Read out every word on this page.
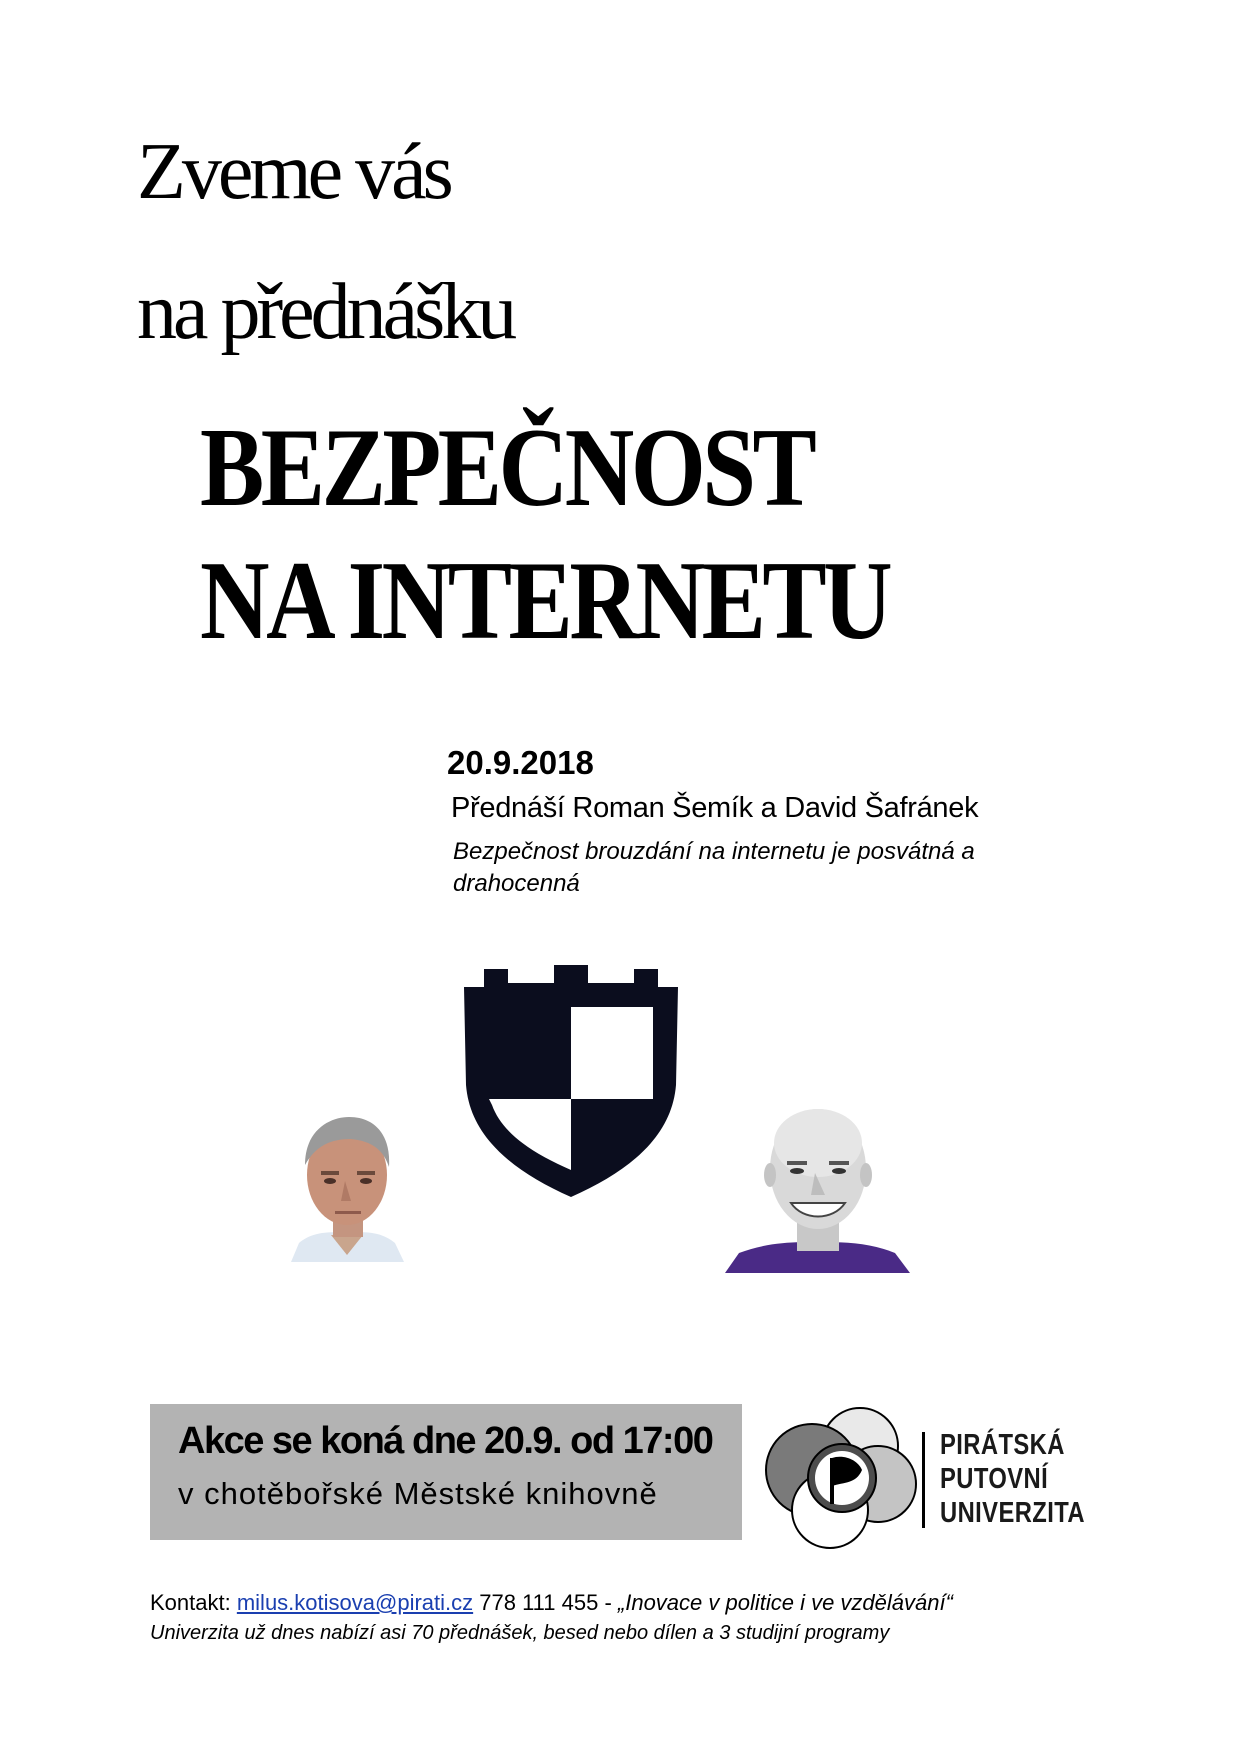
Zveme vás
na přednášku
BEZPEČNOST
NA INTERNETU
20.9.2018
Přednáší Roman Šemík a David Šafránek
Bezpečnost brouzdání na internetu je posvátná a drahocenná
Akce se koná dne 20.9. od 17:00
v chotěbořské Městské knihovně
PIRÁTSKÁ
PUTOVNÍ
UNIVERZITA
Kontakt: milus.kotisova@pirati.cz 778 111 455 - „Inovace v politice i ve vzdělávání“
Univerzita už dnes nabízí asi 70 přednášek, besed nebo dílen a 3 studijní programy
